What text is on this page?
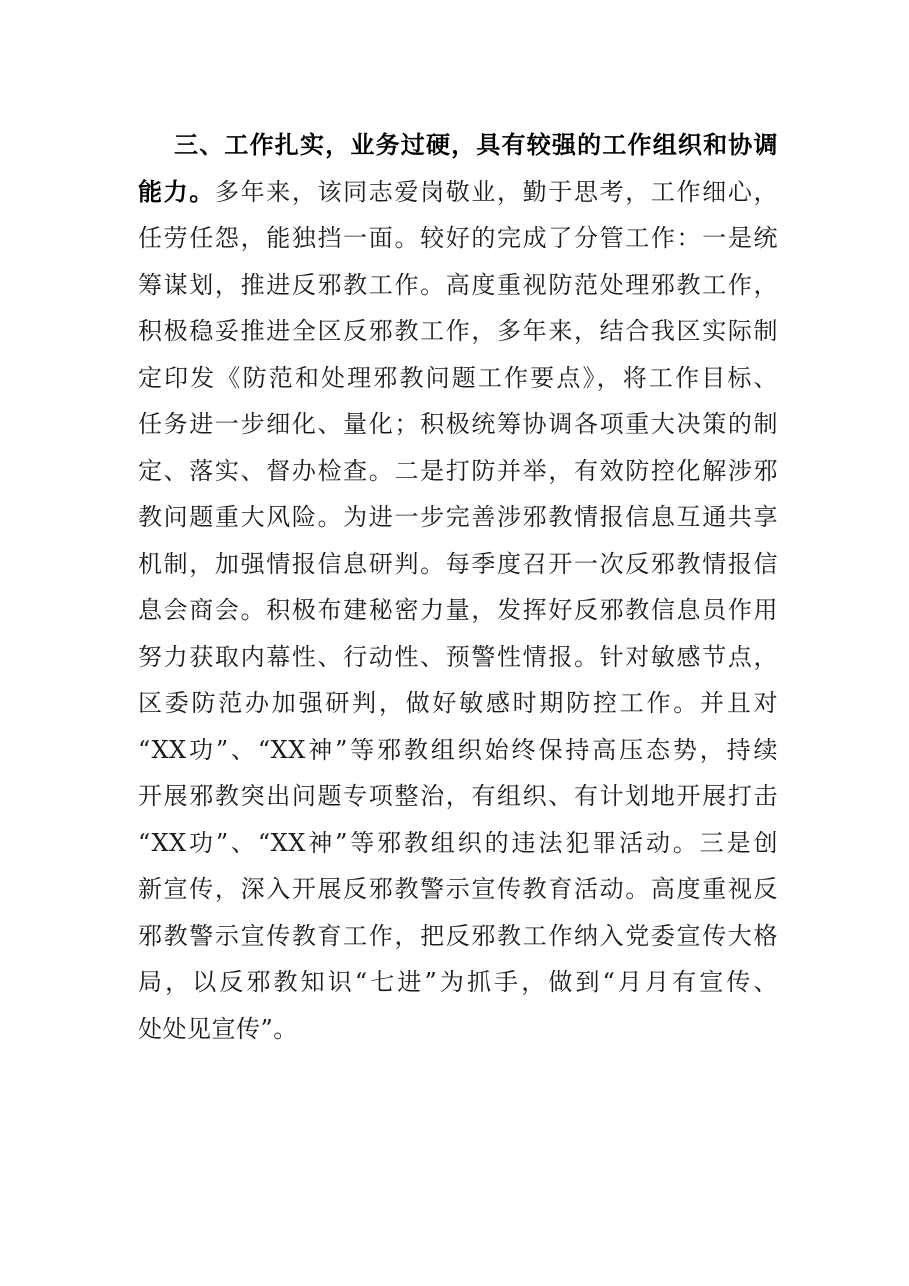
三、工作扎实，业务过硬，具有较强的工作组织和协调
能力。多年来，该同志爱岗敬业，勤于思考，工作细心，
任劳任怨，能独挡一面。较好的完成了分管工作：一是统
筹谋划，推进反邪教工作。高度重视防范处理邪教工作，
积极稳妥推进全区反邪教工作，多年来，结合我区实际制
定印发《防范和处理邪教问题工作要点》，将工作目标、
任务进一步细化、量化；积极统筹协调各项重大决策的制
定、落实、督办检查。二是打防并举，有效防控化解涉邪
教问题重大风险。为进一步完善涉邪教情报信息互通共享
机制，加强情报信息研判。每季度召开一次反邪教情报信
息会商会。积极布建秘密力量，发挥好反邪教信息员作用
努力获取内幕性、行动性、预警性情报。针对敏感节点，
区委防范办加强研判，做好敏感时期防控工作。并且对
“XX功”、“XX神”等邪教组织始终保持高压态势，持续
开展邪教突出问题专项整治，有组织、有计划地开展打击
“XX功”、“XX神”等邪教组织的违法犯罪活动。三是创
新宣传，深入开展反邪教警示宣传教育活动。高度重视反
邪教警示宣传教育工作，把反邪教工作纳入党委宣传大格
局，以反邪教知识“七进”为抓手，做到“月月有宣传、
处处见宣传”。
